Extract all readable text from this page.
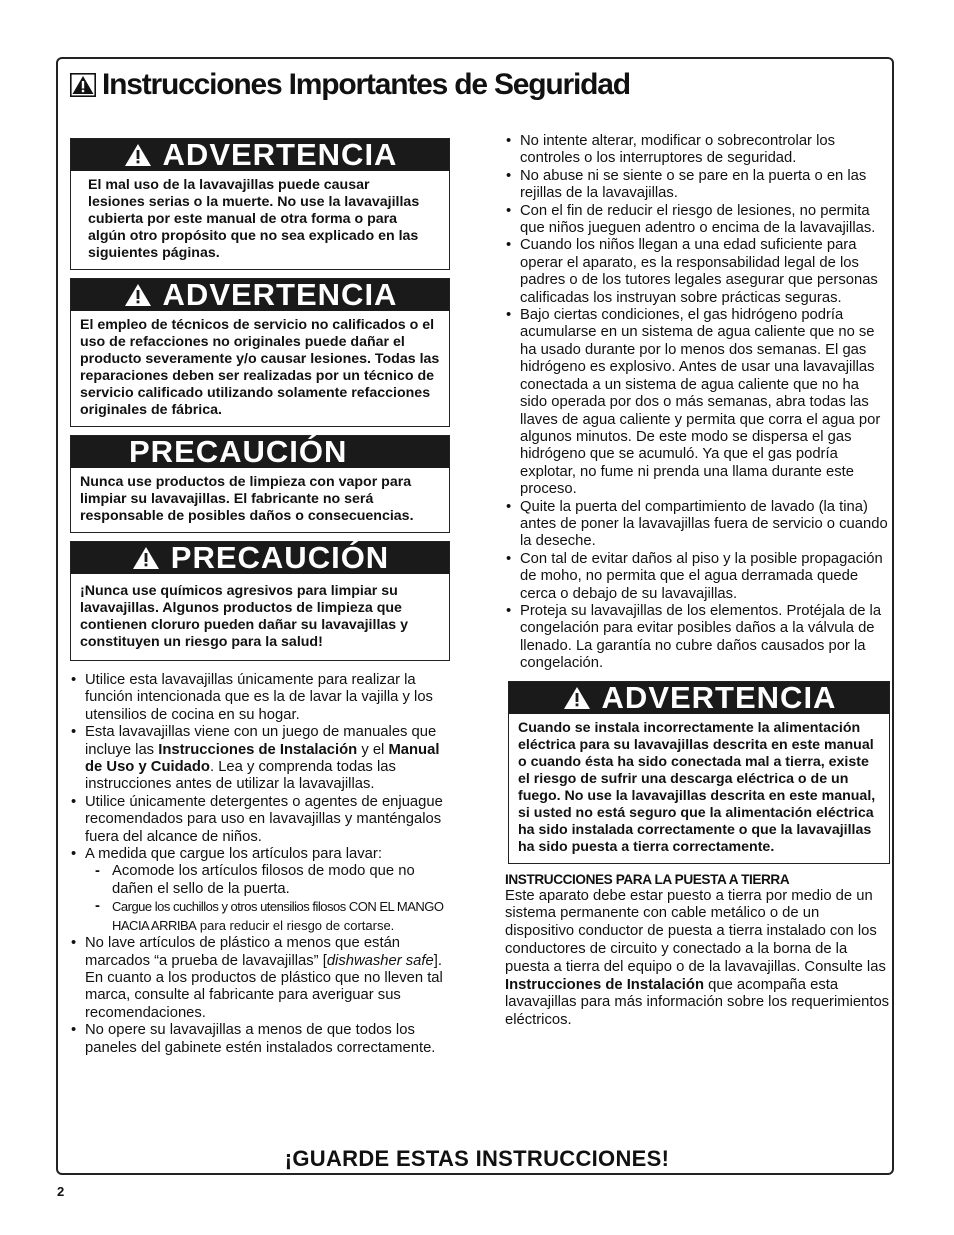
Instrucciones Importantes de Seguridad
ADVERTENCIA
El mal uso de la lavavajillas puede causar lesiones serias o la muerte. No use la lavavajillas cubierta por este manual de otra forma o para algún otro propósito que no sea explicado en las siguientes páginas.
ADVERTENCIA
El empleo de técnicos de servicio no calificados o el uso de refacciones no originales puede dañar el producto severamente y/o causar lesiones. Todas las reparaciones deben ser realizadas por un técnico de servicio calificado utilizando solamente refacciones originales de fábrica.
PRECAUCIÓN
Nunca use productos de limpieza con vapor para limpiar su lavavajillas. El fabricante no será responsable de posibles daños o consecuencias.
PRECAUCIÓN
¡Nunca use químicos agresivos para limpiar su lavavajillas. Algunos productos de limpieza que contienen cloruro pueden dañar su lavavajillas y constituyen un riesgo para la salud!
• Utilice esta lavavajillas únicamente para realizar la función intencionada que es la de lavar la vajilla y los utensilios de cocina en su hogar.
• Esta lavavajillas viene con un juego de manuales que incluye las Instrucciones de Instalación y el Manual de Uso y Cuidado. Lea y comprenda todas las instrucciones antes de utilizar la lavavajillas.
• Utilice únicamente detergentes o agentes de enjuague recomendados para uso en lavavajillas y manténgalos fuera del alcance de niños.
• A medida que cargue los artículos para lavar:
- Acomode los artículos filosos de modo que no dañen el sello de la puerta.
- Cargue los cuchillos y otros utensilios filosos CON EL MANGO HACIA ARRIBA para reducir el riesgo de cortarse.
• No lave artículos de plástico a menos que están marcados “a prueba de lavavajillas” [dishwasher safe]. En cuanto a los productos de plástico que no lleven tal marca, consulte al fabricante para averiguar sus recomendaciones.
• No opere su lavavajillas a menos de que todos los paneles del gabinete estén instalados correctamente.
• No intente alterar, modificar o sobrecontrolar los controles o los interruptores de seguridad.
• No abuse ni se siente o se pare en la puerta o en las rejillas de la lavavajillas.
• Con el fin de reducir el riesgo de lesiones, no permita que niños jueguen adentro o encima de la lavavajillas.
• Cuando los niños llegan a una edad suficiente para operar el aparato, es la responsabilidad legal de los padres o de los tutores legales asegurar que personas calificadas los instruyan sobre prácticas seguras.
• Bajo ciertas condiciones, el gas hidrógeno podría acumularse en un sistema de agua caliente que no se ha usado durante por lo menos dos semanas. El gas hidrógeno es explosivo. Antes de usar una lavavajillas conectada a un sistema de agua caliente que no ha sido operada por dos o más semanas, abra todas las llaves de agua caliente y permita que corra el agua por algunos minutos. De este modo se dispersa el gas hidrógeno que se acumuló. Ya que el gas podría explotar, no fume ni prenda una llama durante este proceso.
• Quite la puerta del compartimiento de lavado (la tina) antes de poner la lavavajillas fuera de servicio o cuando la deseche.
• Con tal de evitar daños al piso y la posible propagación de moho, no permita que el agua derramada quede cerca o debajo de su lavavajillas.
• Proteja su lavavajillas de los elementos. Protéjala de la congelación para evitar posibles daños a la válvula de llenado. La garantía no cubre daños causados por la congelación.
ADVERTENCIA
Cuando se instala incorrectamente la alimentación eléctrica para su lavavajillas descrita en este manual o cuando ésta ha sido conectada mal a tierra, existe el riesgo de sufrir una descarga eléctrica o de un fuego. No use la lavavajillas descrita en este manual, si usted no está seguro que la alimentación eléctrica ha sido instalada correctamente o que la lavavajillas ha sido puesta a tierra correctamente.
INSTRUCCIONES PARA LA PUESTA A TIERRA
Este aparato debe estar puesto a tierra por medio de un sistema permanente con cable metálico o de un dispositivo conductor de puesta a tierra instalado con los conductores de circuito y conectado a la borna de la puesta a tierra del equipo o de la lavavajillas. Consulte las Instrucciones de Instalación que acompaña esta lavavajillas para más información sobre los requerimientos eléctricos.
¡GUARDE ESTAS INSTRUCCIONES!
2
